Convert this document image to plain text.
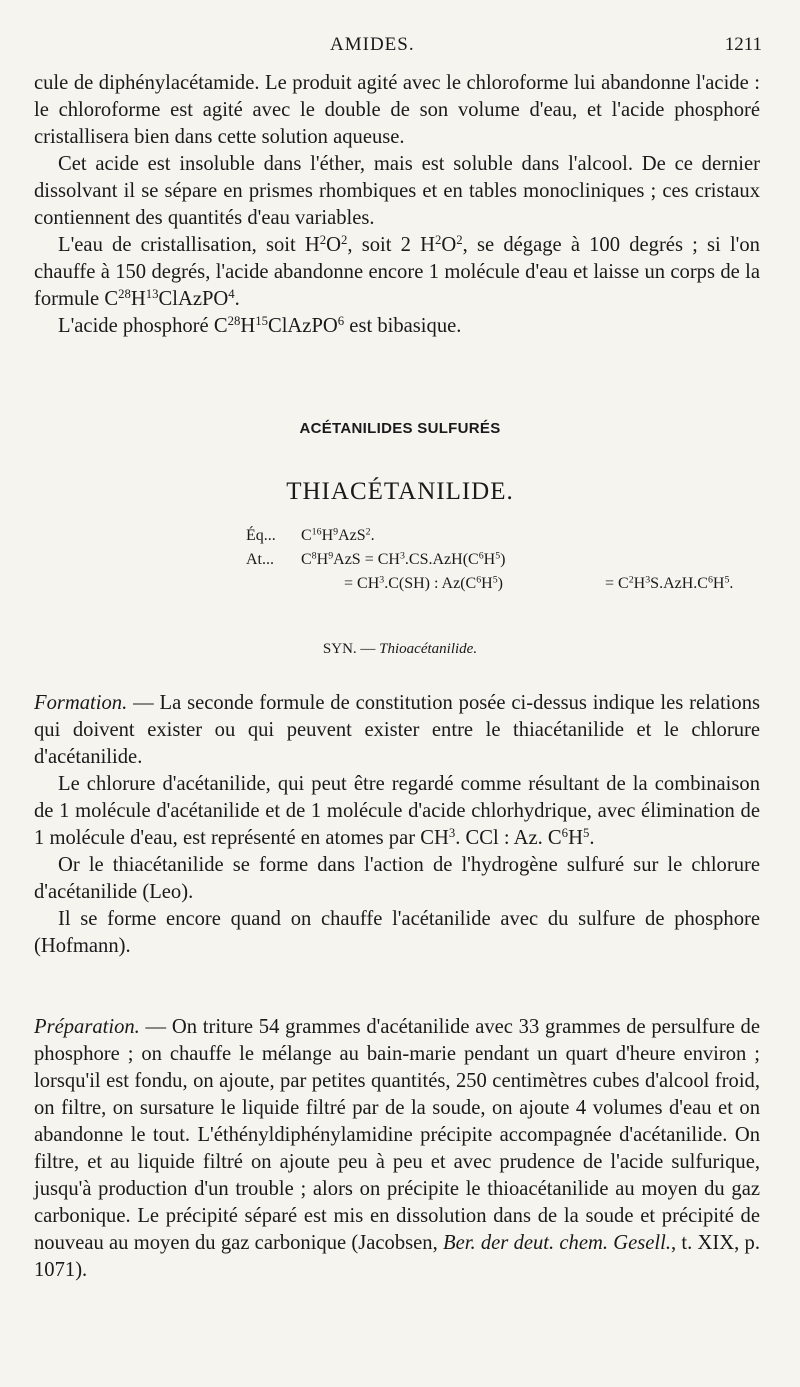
AMIDES.	1211

cule de diphénylacétamide. Le produit agité avec le chloroforme lui abandonne l'acide : le chloroforme est agité avec le double de son volume d'eau, et l'acide phosphoré cristallisera bien dans cette solution aqueuse.

Cet acide est insoluble dans l'éther, mais est soluble dans l'alcool. De ce dernier dissolvant il se sépare en prismes rhombiques et en tables monocliniques ; ces cristaux contiennent des quantités d'eau variables.

L'eau de cristallisation, soit $H^2O^2$, soit 2 $H^2O^2$, se dégage à 100 degrés ; si l'on chauffe à 150 degrés, l'acide abandonne encore 1 molécule d'eau et laisse un corps de la formule $C^{28}H^{13}ClAzPO^4$.

L'acide phosphoré $C^{28}H^{15}ClAzPO^6$ est bibasique.

ACÉTANILIDES SULFURÉS
THIACÉTANILIDE.
Éq... $C^{16}H^9AzS^2$.
At... $C^8H^9AzS = CH^3.CS.AzH(C^6H^5)$
= $CH^3.C(SH)$ : $Az(C^6H^5)$	= $C^2H^3S.AzH.C^6H^5$.
SYN. — Thioacétanilide.

Formation. — La seconde formule de constitution posée ci-dessus indique les relations qui doivent exister ou qui peuvent exister entre le thiacétanilide et le chlorure d'acétanilide.

Le chlorure d'acétanilide, qui peut être regardé comme résultant de la combinaison de 1 molécule d'acétanilide et de 1 molécule d'acide chlorhydrique, avec élimination de 1 molécule d'eau, est représenté en atomes par $CH^3$. CCl : Az. $C^6H^5$.

Or le thiacétanilide se forme dans l'action de l'hydrogène sulfuré sur le chlorure d'acétanilide (Leo).

Il se forme encore quand on chauffe l'acétanilide avec du sulfure de phosphore (Hofmann).

Préparation. — On triture 54 grammes d'acétanilide avec 33 grammes de persulfure de phosphore ; on chauffe le mélange au bain-marie pendant un quart d'heure environ ; lorsqu'il est fondu, on ajoute, par petites quantités, 250 centimètres cubes d'alcool froid, on filtre, on sursature le liquide filtré par de la soude, on ajoute 4 volumes d'eau et on abandonne le tout. L'éthényldiphénylamidine précipite accompagnée d'acétanilide. On filtre, et au liquide filtré on ajoute peu à peu et avec prudence de l'acide sulfurique, jusqu'à production d'un trouble ; alors on précipite le thioacétanilide au moyen du gaz carbonique. Le précipité séparé est mis en dissolution dans de la soude et précipité de nouveau au moyen du gaz carbonique (Jacobsen, Ber. der deut. chem. Gesell., t. XIX, p. 1071).
